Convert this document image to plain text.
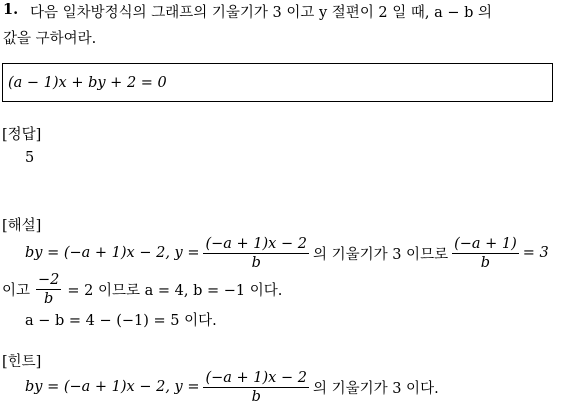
1. 다음 일차방정식의 그래프의 기울기가 3 이고 y 절편이 2 일 때, a − b 의
값을 구하여라.
(a − 1)x + by + 2 = 0
[정답]
5
[해설]
by = (−a + 1)x − 2, $y = \frac{(-a + 1)x - 2}{b}$ 의 기울기가 3 이므로 $\frac{(-a + 1)}{b} = 3$
이고 $\frac{-2}{b} = 2$ 이므로 a = 4, b = −1 이다.
a − b = 4 − (−1) = 5 이다.
[힌트]
by = (−a + 1)x − 2, $y = \frac{(-a + 1)x - 2}{b}$ 의 기울기가 3 이다.
